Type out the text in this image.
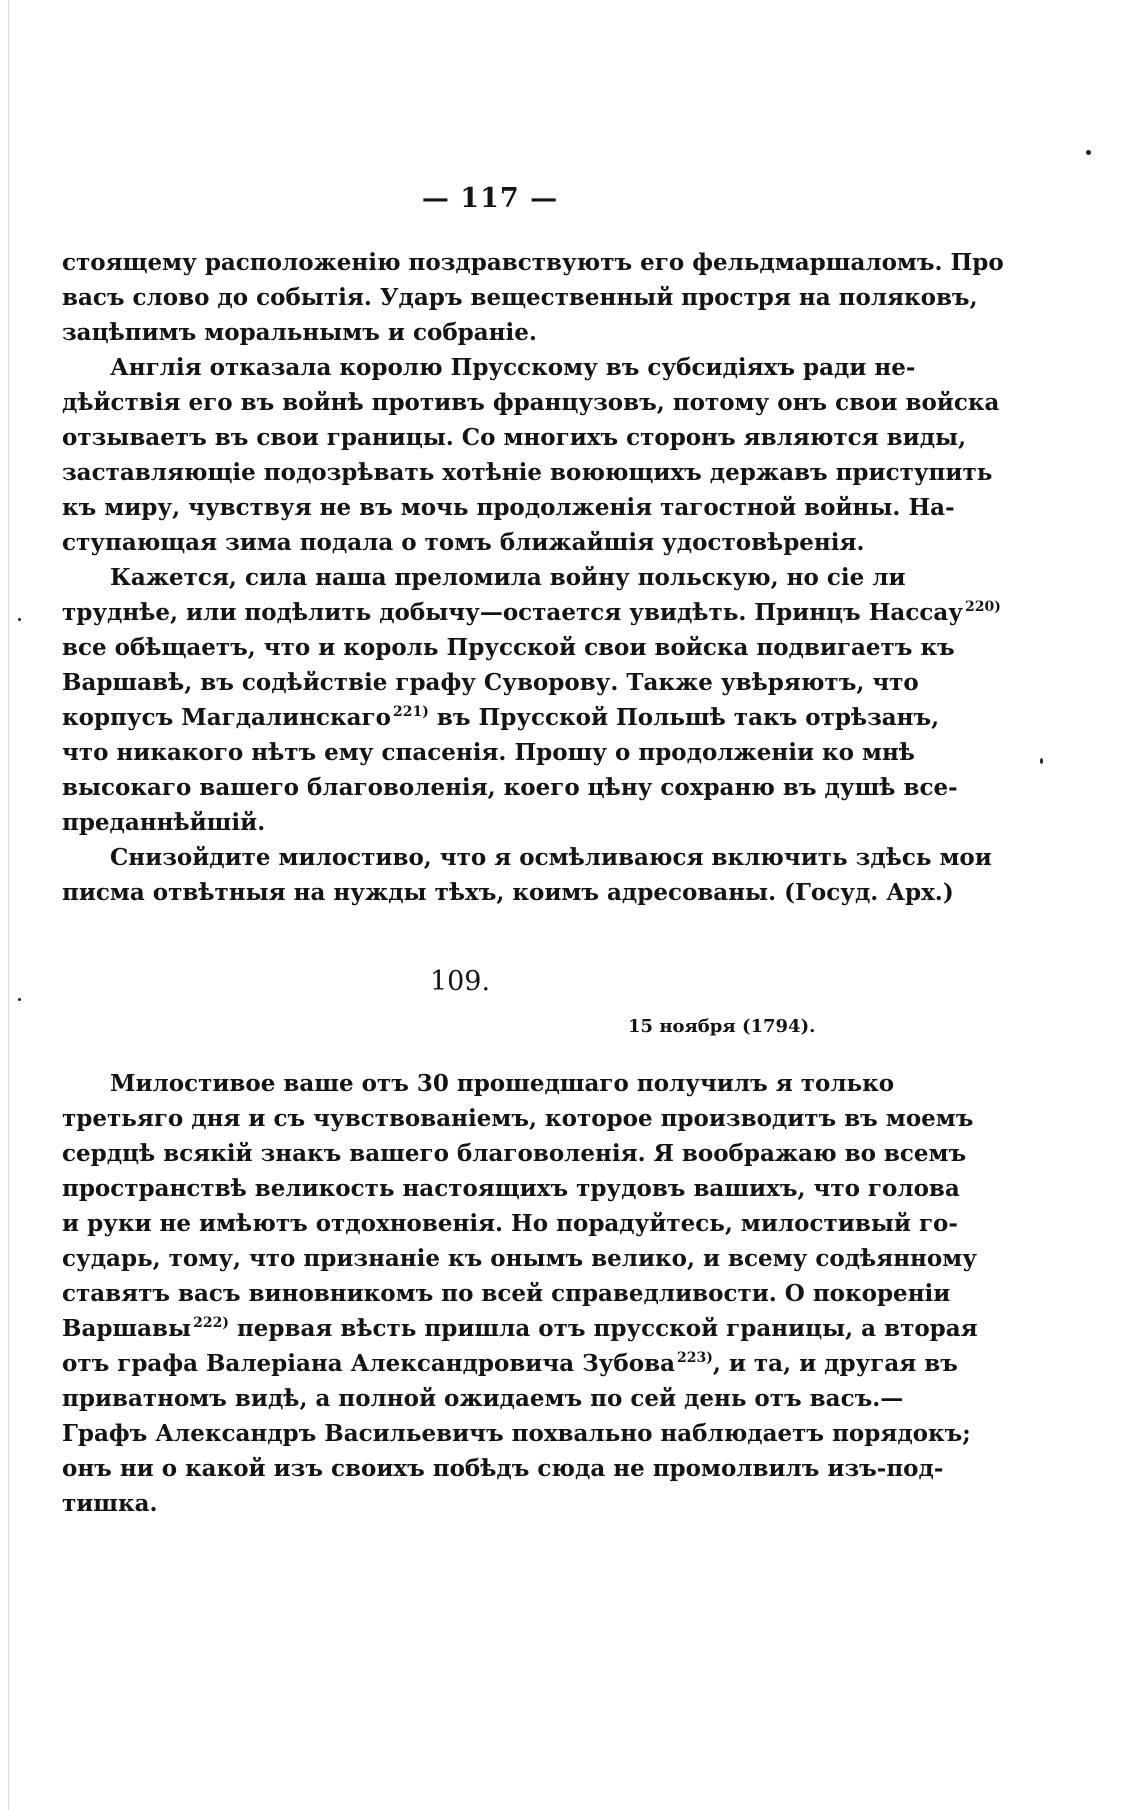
— 117 —

стоящему расположенію поздравствуютъ его фельдмаршаломъ. Про
васъ слово до событія. Ударъ вещественный простря на поляковъ,
зацѣпимъ моральнымъ и собраніе.

Англія отказала королю Прусскому въ субсидіяхъ ради не-
дѣйствія его въ войнѣ противъ французовъ, потому онъ свои войска
отзываетъ въ свои границы. Со многихъ сторонъ являются виды,
заставляющіе подозрѣвать хотѣніе воюющихъ державъ приступить
къ миру, чувствуя не въ мочь продолженія тагостной войны. На-
ступающая зима подала о томъ ближайшія удостовѣренія.

Кажется, сила наша преломила войну польскую, но сіе ли
труднѣе, или подѣлить добычу—остается увидѣть. Принцъ Нассау $^{220)}$
все обѣщаетъ, что и король Прусской свои войска подвигаетъ къ
Варшавѣ, въ содѣйствіе графу Суворову. Также увѣряютъ, что
корпусъ Магдалинскаго $^{221)}$ въ Прусской Польшѣ такъ отрѣзанъ,
что никакого нѣтъ ему спасенія. Прошу о продолженіи ко мнѣ
высокаго вашего благоволенія, коего цѣну сохраню въ душѣ все-
преданнѣйшій.

Снизойдите милостиво, что я осмѣливаюся включить здѣсь мои
писма отвѣтныя на нужды тѣхъ, коимъ адресованы. (Госуд. Арх.)

109.
15 ноября (1794).

Милостивое ваше отъ 30 прошедшаго получилъ я только
третьяго дня и съ чувствованіемъ, которое производитъ въ моемъ
сердцѣ всякій знакъ вашего благоволенія. Я воображаю во всемъ
пространствѣ великость настоящихъ трудовъ вашихъ, что голова
и руки не имѣютъ отдохновенія. Но порадуйтесь, милостивый го-
сударь, тому, что признаніе къ онымъ велико, и всему содѣянному
ставятъ васъ виновникомъ по всей справедливости. О покореніи
Варшавы $^{222)}$ первая вѣсть пришла отъ прусской границы, а вторая
отъ графа Валеріана Александровича Зубова $^{223)}$, и та, и другая въ
приватномъ видѣ, а полной ожидаемъ по сей день отъ васъ.—
Графъ Александръ Васильевичъ похвально наблюдаетъ порядокъ;
онъ ни о какой изъ своихъ побѣдъ сюда не промолвилъ изъ-под-
тишка.
